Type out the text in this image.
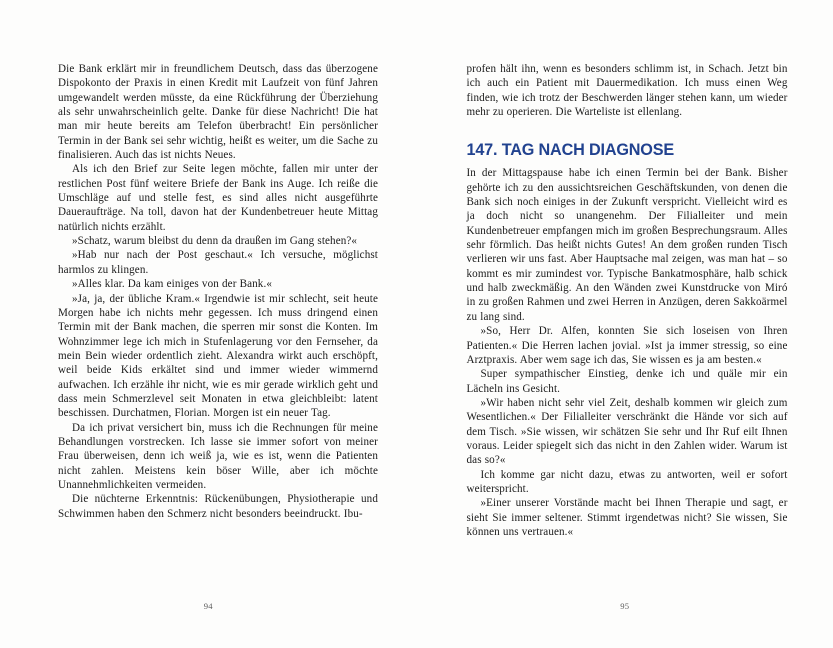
Die Bank erklärt mir in freundlichem Deutsch, dass das überzogene Dispokonto der Praxis in einen Kredit mit Laufzeit von fünf Jahren umgewandelt werden müsste, da eine Rückführung der Überziehung als sehr unwahrscheinlich gelte. Danke für diese Nachricht! Die hat man mir heute bereits am Telefon überbracht! Ein persönlicher Termin in der Bank sei sehr wichtig, heißt es weiter, um die Sache zu finalisieren. Auch das ist nichts Neues.

Als ich den Brief zur Seite legen möchte, fallen mir unter der restlichen Post fünf weitere Briefe der Bank ins Auge. Ich reiße die Umschläge auf und stelle fest, es sind alles nicht ausgeführte Daueraufträge. Na toll, davon hat der Kundenbetreuer heute Mittag natürlich nichts erzählt.

»Schatz, warum bleibst du denn da draußen im Gang stehen?«

»Hab nur nach der Post geschaut.« Ich versuche, möglichst harmlos zu klingen.

»Alles klar. Da kam einiges von der Bank.«

»Ja, ja, der übliche Kram.« Irgendwie ist mir schlecht, seit heute Morgen habe ich nichts mehr gegessen. Ich muss dringend einen Termin mit der Bank machen, die sperren mir sonst die Konten. Im Wohnzimmer lege ich mich in Stufenlagerung vor den Fernseher, da mein Bein wieder ordentlich zieht. Alexandra wirkt auch erschöpft, weil beide Kids erkältet sind und immer wieder wimmernd aufwachen. Ich erzähle ihr nicht, wie es mir gerade wirklich geht und dass mein Schmerzlevel seit Monaten in etwa gleichbleibt: latent beschissen. Durchatmen, Florian. Morgen ist ein neuer Tag.

Da ich privat versichert bin, muss ich die Rechnungen für meine Behandlungen vorstrecken. Ich lasse sie immer sofort von meiner Frau überweisen, denn ich weiß ja, wie es ist, wenn die Patienten nicht zahlen. Meistens kein böser Wille, aber ich möchte Unannehmlichkeiten vermeiden.

Die nüchterne Erkenntnis: Rückenübungen, Physiotherapie und Schwimmen haben den Schmerz nicht besonders beeindruckt. Ibu-

94

profen hält ihn, wenn es besonders schlimm ist, in Schach. Jetzt bin ich auch ein Patient mit Dauermedikation. Ich muss einen Weg finden, wie ich trotz der Beschwerden länger stehen kann, um wieder mehr zu operieren. Die Warteliste ist ellenlang.

147. TAG NACH DIAGNOSE

In der Mittagspause habe ich einen Termin bei der Bank. Bisher gehörte ich zu den aussichtsreichen Geschäftskunden, von denen die Bank sich noch einiges in der Zukunft verspricht. Vielleicht wird es ja doch nicht so unangenehm. Der Filialleiter und mein Kundenbetreuer empfangen mich im großen Besprechungsraum. Alles sehr förmlich. Das heißt nichts Gutes! An dem großen runden Tisch verlieren wir uns fast. Aber Hauptsache mal zeigen, was man hat – so kommt es mir zumindest vor. Typische Bankatmosphäre, halb schick und halb zweckmäßig. An den Wänden zwei Kunstdrucke von Miró in zu großen Rahmen und zwei Herren in Anzügen, deren Sakkoärmel zu lang sind.

»So, Herr Dr. Alfen, konnten Sie sich loseisen von Ihren Patienten.« Die Herren lachen jovial. »Ist ja immer stressig, so eine Arztpraxis. Aber wem sage ich das, Sie wissen es ja am besten.«

Super sympathischer Einstieg, denke ich und quäle mir ein Lächeln ins Gesicht.

»Wir haben nicht sehr viel Zeit, deshalb kommen wir gleich zum Wesentlichen.« Der Filialleiter verschränkt die Hände vor sich auf dem Tisch. »Sie wissen, wir schätzen Sie sehr und Ihr Ruf eilt Ihnen voraus. Leider spiegelt sich das nicht in den Zahlen wider. Warum ist das so?«

Ich komme gar nicht dazu, etwas zu antworten, weil er sofort weiterspricht.

»Einer unserer Vorstände macht bei Ihnen Therapie und sagt, er sieht Sie immer seltener. Stimmt irgendetwas nicht? Sie wissen, Sie können uns vertrauen.«

95
